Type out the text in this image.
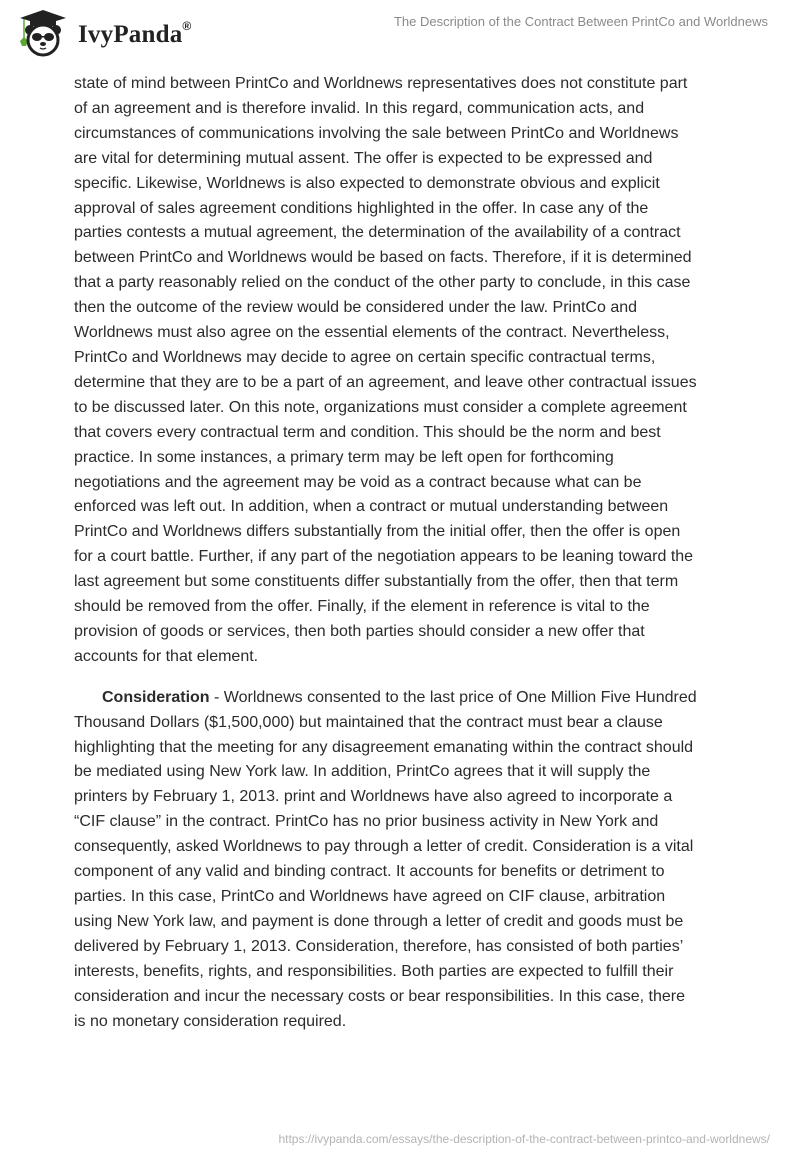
IvyPanda®	The Description of the Contract Between PrintCo and Worldnews

state of mind between PrintCo and Worldnews representatives does not constitute part
of an agreement and is therefore invalid. In this regard, communication acts, and
circumstances of communications involving the sale between PrintCo and Worldnews
are vital for determining mutual assent. The offer is expected to be expressed and
specific. Likewise, Worldnews is also expected to demonstrate obvious and explicit
approval of sales agreement conditions highlighted in the offer. In case any of the
parties contests a mutual agreement, the determination of the availability of a contract
between PrintCo and Worldnews would be based on facts. Therefore, if it is determined
that a party reasonably relied on the conduct of the other party to conclude, in this case
then the outcome of the review would be considered under the law. PrintCo and
Worldnews must also agree on the essential elements of the contract. Nevertheless,
PrintCo and Worldnews may decide to agree on certain specific contractual terms,
determine that they are to be a part of an agreement, and leave other contractual issues
to be discussed later. On this note, organizations must consider a complete agreement
that covers every contractual term and condition. This should be the norm and best
practice. In some instances, a primary term may be left open for forthcoming
negotiations and the agreement may be void as a contract because what can be
enforced was left out. In addition, when a contract or mutual understanding between
PrintCo and Worldnews differs substantially from the initial offer, then the offer is open
for a court battle. Further, if any part of the negotiation appears to be leaning toward the
last agreement but some constituents differ substantially from the offer, then that term
should be removed from the offer. Finally, if the element in reference is vital to the
provision of goods or services, then both parties should consider a new offer that
accounts for that element.

Consideration - Worldnews consented to the last price of One Million Five Hundred
Thousand Dollars ($1,500,000) but maintained that the contract must bear a clause
highlighting that the meeting for any disagreement emanating within the contract should
be mediated using New York law. In addition, PrintCo agrees that it will supply the
printers by February 1, 2013. print and Worldnews have also agreed to incorporate a
“CIF clause” in the contract. PrintCo has no prior business activity in New York and
consequently, asked Worldnews to pay through a letter of credit. Consideration is a vital
component of any valid and binding contract. It accounts for benefits or detriment to
parties. In this case, PrintCo and Worldnews have agreed on CIF clause, arbitration
using New York law, and payment is done through a letter of credit and goods must be
delivered by February 1, 2013. Consideration, therefore, has consisted of both parties’
interests, benefits, rights, and responsibilities. Both parties are expected to fulfill their
consideration and incur the necessary costs or bear responsibilities. In this case, there
is no monetary consideration required.

https://ivypanda.com/essays/the-description-of-the-contract-between-printco-and-worldnews/
